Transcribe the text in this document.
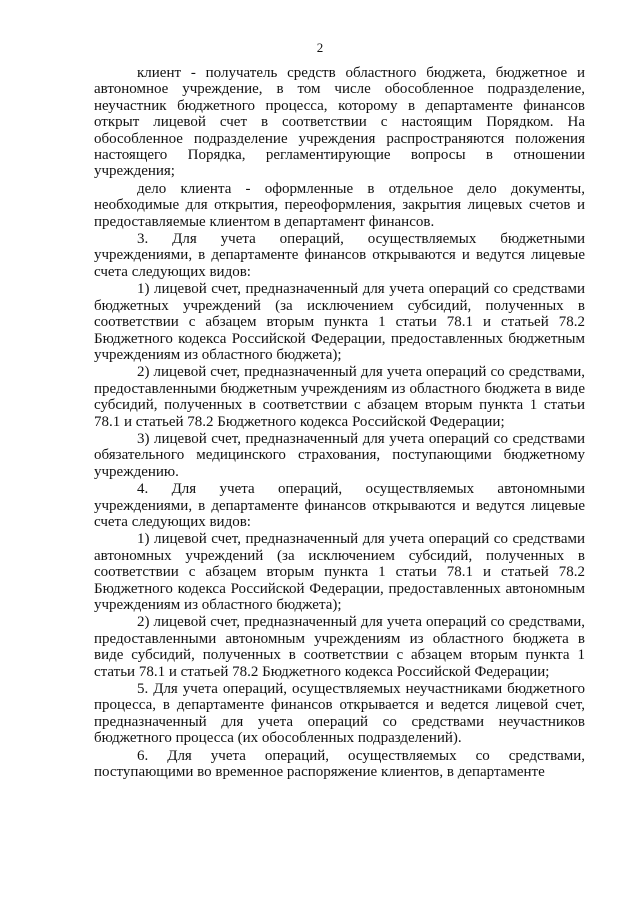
2

клиент - получатель средств областного бюджета, бюджетное и автономное учреждение, в том числе обособленное подразделение, неучастник бюджетного процесса, которому в департаменте финансов открыт лицевой счет в соответствии с настоящим Порядком. На обособленное подразделение учреждения распространяются положения настоящего Порядка, регламентирующие вопросы в отношении учреждения;

дело клиента - оформленные в отдельное дело документы, необходимые для открытия, переоформления, закрытия лицевых счетов и предоставляемые клиентом в департамент финансов.

3. Для учета операций, осуществляемых бюджетными учреждениями, в департаменте финансов открываются и ведутся лицевые счета следующих видов:

1) лицевой счет, предназначенный для учета операций со средствами бюджетных учреждений (за исключением субсидий, полученных в соответствии с абзацем вторым пункта 1 статьи 78.1 и статьей 78.2 Бюджетного кодекса Российской Федерации, предоставленных бюджетным учреждениям из областного бюджета);

2) лицевой счет, предназначенный для учета операций со средствами, предоставленными бюджетным учреждениям из областного бюджета в виде субсидий, полученных в соответствии с абзацем вторым пункта 1 статьи 78.1 и статьей 78.2 Бюджетного кодекса Российской Федерации;

3) лицевой счет, предназначенный для учета операций со средствами обязательного медицинского страхования, поступающими бюджетному учреждению.

4. Для учета операций, осуществляемых автономными учреждениями, в департаменте финансов открываются и ведутся лицевые счета следующих видов:

1) лицевой счет, предназначенный для учета операций со средствами автономных учреждений (за исключением субсидий, полученных в соответствии с абзацем вторым пункта 1 статьи 78.1 и статьей 78.2 Бюджетного кодекса Российской Федерации, предоставленных автономным учреждениям из областного бюджета);

2) лицевой счет, предназначенный для учета операций со средствами, предоставленными автономным учреждениям из областного бюджета в виде субсидий, полученных в соответствии с абзацем вторым пункта 1 статьи 78.1 и статьей 78.2 Бюджетного кодекса Российской Федерации;

5. Для учета операций, осуществляемых неучастниками бюджетного процесса, в департаменте финансов открывается и ведется лицевой счет, предназначенный для учета операций со средствами неучастников бюджетного процесса (их обособленных подразделений).

6. Для учета операций, осуществляемых со средствами, поступающими во временное распоряжение клиентов, в департаменте
